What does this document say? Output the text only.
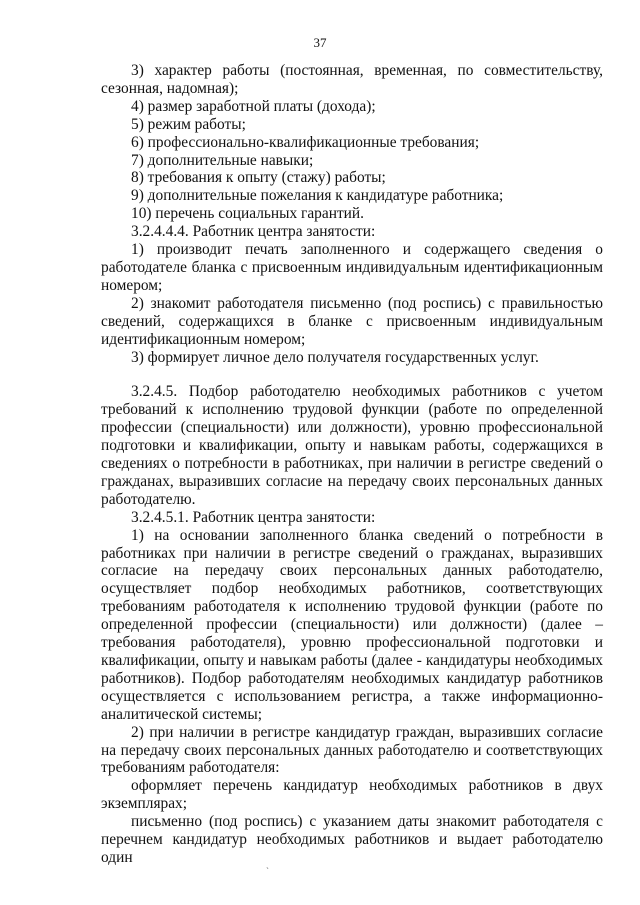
37

3) характер работы (постоянная, временная, по совместительству, сезонная, надомная);

4) размер заработной платы (дохода);

5) режим работы;

6) профессионально-квалификационные требования;

7) дополнительные навыки;

8) требования к опыту (стажу) работы;

9) дополнительные пожелания к кандидатуре работника;

10) перечень социальных гарантий.

3.2.4.4.4. Работник центра занятости:

1) производит печать заполненного и содержащего сведения о работодателе бланка с присвоенным индивидуальным идентификационным номером;

2) знакомит работодателя письменно (под роспись) с правильностью сведений, содержащихся в бланке с присвоенным индивидуальным идентификационным номером;

3) формирует личное дело получателя государственных услуг.

3.2.4.5. Подбор работодателю необходимых работников с учетом требований к исполнению трудовой функции (работе по определенной профессии (специальности) или должности), уровню профессиональной подготовки и квалификации, опыту и навыкам работы, содержащихся в сведениях о потребности в работниках, при наличии в регистре сведений о гражданах, выразивших согласие на передачу своих персональных данных работодателю.

3.2.4.5.1. Работник центра занятости:

1) на основании заполненного бланка сведений о потребности в работниках при наличии в регистре сведений о гражданах, выразивших согласие на передачу своих персональных данных работодателю, осуществляет подбор необходимых работников, соответствующих требованиям работодателя к исполнению трудовой функции (работе по определенной профессии (специальности) или должности) (далее – требования работодателя), уровню профессиональной подготовки и квалификации, опыту и навыкам работы (далее - кандидатуры необходимых работников). Подбор работодателям необходимых кандидатур работников осуществляется с использованием регистра, а также информационно-аналитической системы;

2) при наличии в регистре кандидатур граждан, выразивших согласие на передачу своих персональных данных работодателю и соответствующих требованиям работодателя:

оформляет перечень кандидатур необходимых работников в двух экземплярах;

письменно (под роспись) с указанием даты знакомит работодателя с перечнем кандидатур необходимых работников и выдает работодателю один

˴
